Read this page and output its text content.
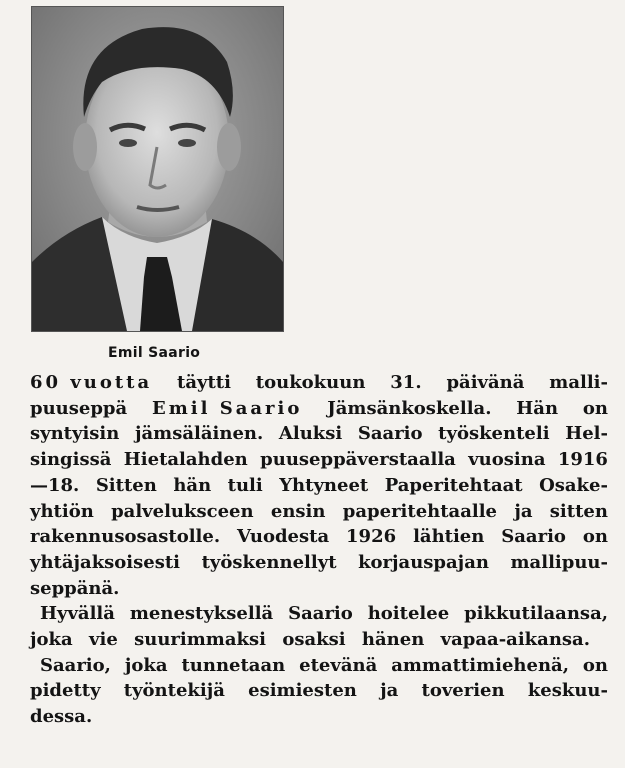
Emil Saario
60 vuotta täytti toukokuun 31. päivänä malli-
puuseppä Emil Saario Jämsänkoskella. Hän on
syntyisin jämsäläinen. Aluksi Saario työskenteli Hel-
singissä Hietalahden puuseppäverstaalla vuosina 1916
—18. Sitten hän tuli Yhtyneet Paperitehtaat Osake-
yhtiön palveluksceen ensin paperitehtaalle ja sitten
rakennusosastolle. Vuodesta 1926 lähtien Saario on
yhtäjaksoisesti työskennellyt korjauspajan mallipuu-
seppänä.
Hyvällä menestyksellä Saario hoitelee pikkutilaansa,
joka vie suurimmaksi osaksi hänen vapaa-aikansa.
Saario, joka tunnetaan etevänä ammattimiehenä, on
pidetty työntekijä esimiesten ja toverien keskuu-
dessa.
